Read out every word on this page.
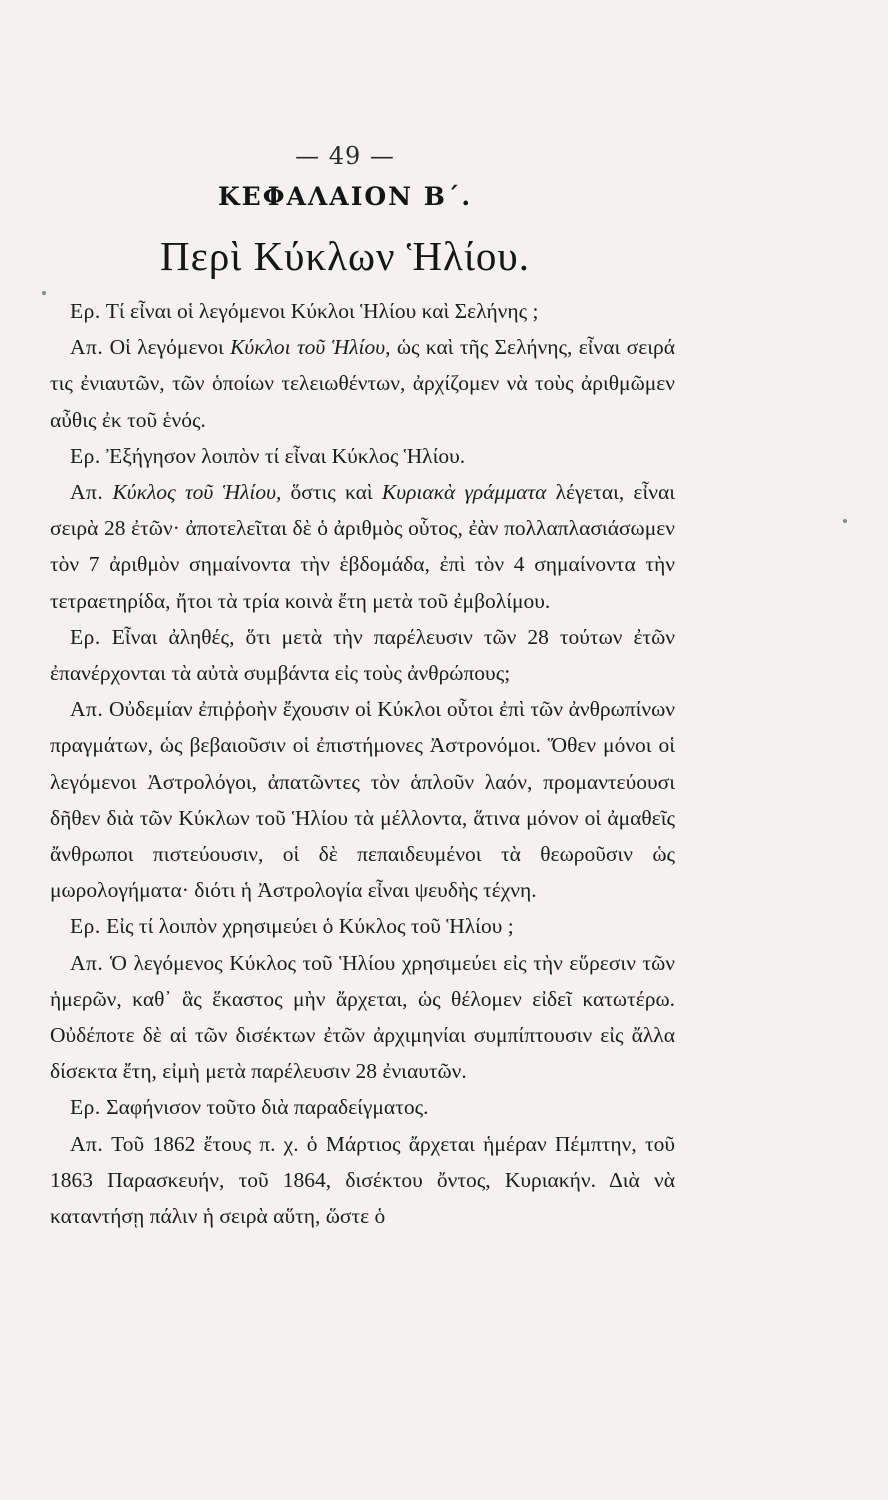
— 49 —
ΚΕΦΑΛΑΙΟΝ Β΄.
Περὶ Κύκλων Ἡλίου.

Ερ. Τί εἶναι οἱ λεγόμενοι Κύκλοι Ἡλίου καὶ Σελήνης ;

Απ. Οἱ λεγόμενοι Κύκλοι τοῦ Ἡλίου, ὡς καὶ τῆς Σελήνης, εἶναι σειρά τις ἐνιαυτῶν, τῶν ὁποίων τελειωθέντων, ἀρχίζομεν νὰ τοὺς ἀριθμῶμεν αὖθις ἐκ τοῦ ἑνός.

Ερ. Ἐξήγησον λοιπὸν τί εἶναι Κύκλος Ἡλίου.

Απ. Κύκλος τοῦ Ἡλίου, ὅστις καὶ Κυριακὰ γράμματα λέγεται, εἶναι σειρὰ 28 ἐτῶν· ἀποτελεῖται δὲ ὁ ἀριθμὸς οὗτος, ἐὰν πολλαπλασιάσωμεν τὸν 7 ἀριθμὸν σημαίνοντα τὴν ἑβδομάδα, ἐπὶ τὸν 4 σημαίνοντα τὴν τετραετηρίδα, ἤτοι τὰ τρία κοινὰ ἔτη μετὰ τοῦ ἐμβολίμου.

Ερ. Εἶναι ἀληθές, ὅτι μετὰ τὴν παρέλευσιν τῶν 28 τούτων ἐτῶν ἐπανέρχονται τὰ αὐτὰ συμβάντα εἰς τοὺς ἀνθρώπους;

Απ. Οὐδεμίαν ἐπιῤῥοὴν ἔχουσιν οἱ Κύκλοι οὗτοι ἐπὶ τῶν ἀνθρωπίνων πραγμάτων, ὡς βεβαιοῦσιν οἱ ἐπιστήμονες Ἀστρονόμοι. Ὅθεν μόνοι οἱ λεγόμενοι Ἀστρολόγοι, ἀπατῶντες τὸν ἁπλοῦν λαόν, προμαντεύουσι δῆθεν διὰ τῶν Κύκλων τοῦ Ἡλίου τὰ μέλλοντα, ἅτινα μόνον οἱ ἀμαθεῖς ἄνθρωποι πιστεύουσιν, οἱ δὲ πεπαιδευμένοι τὰ θεωροῦσιν ὡς μωρολογήματα· διότι ἡ Ἀστρολογία εἶναι ψευδὴς τέχνη.

Ερ. Εἰς τί λοιπὸν χρησιμεύει ὁ Κύκλος τοῦ Ἡλίου ;

Απ. Ὁ λεγόμενος Κύκλος τοῦ Ἡλίου χρησιμεύει εἰς τὴν εὕρεσιν τῶν ἡμερῶν, καθ᾽ ἃς ἕκαστος μὴν ἄρχεται, ὡς θέλομεν εἰδεῖ κατωτέρω. Οὐδέποτε δὲ αἱ τῶν δισέκτων ἐτῶν ἀρχιμηνίαι συμπίπτουσιν εἰς ἄλλα δίσεκτα ἔτη, εἰμὴ μετὰ παρέλευσιν 28 ἐνιαυτῶν.

Ερ. Σαφήνισον τοῦτο διὰ παραδείγματος.

Απ. Τοῦ 1862 ἔτους π. χ. ὁ Μάρτιος ἄρχεται ἡμέραν Πέμπτην, τοῦ 1863 Παρασκευήν, τοῦ 1864, δισέκτου ὄντος, Κυριακήν. Διὰ νὰ καταντήσῃ πάλιν ἡ σειρὰ αὕτη, ὥστε ὁ
